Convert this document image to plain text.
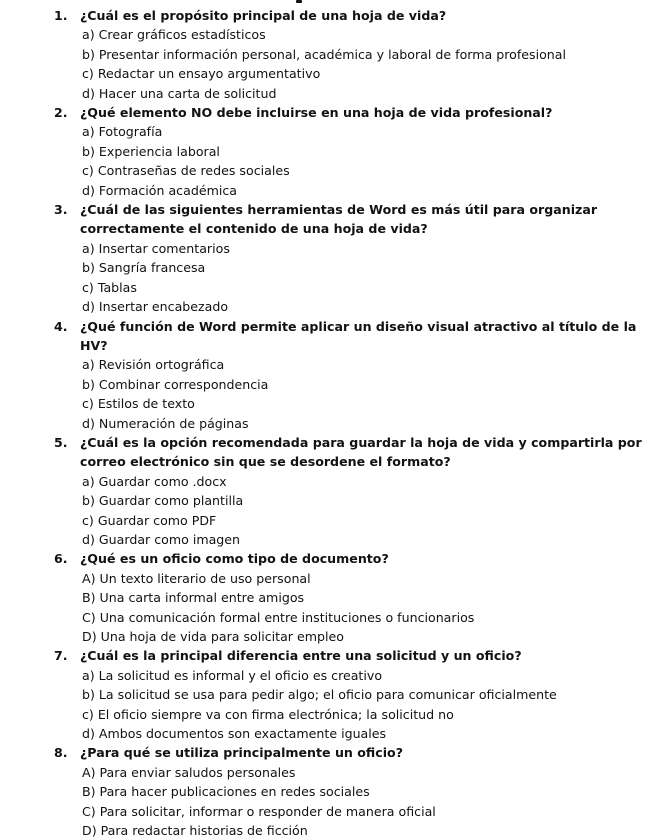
1. ¿Cuál es el propósito principal de una hoja de vida?
a) Crear gráficos estadísticos
b) Presentar información personal, académica y laboral de forma profesional
c) Redactar un ensayo argumentativo
d) Hacer una carta de solicitud
2. ¿Qué elemento NO debe incluirse en una hoja de vida profesional?
a) Fotografía
b) Experiencia laboral
c) Contraseñas de redes sociales
d) Formación académica
3. ¿Cuál de las siguientes herramientas de Word es más útil para organizar correctamente el contenido de una hoja de vida?
a) Insertar comentarios
b) Sangría francesa
c) Tablas
d) Insertar encabezado
4. ¿Qué función de Word permite aplicar un diseño visual atractivo al título de la HV?
a) Revisión ortográfica
b) Combinar correspondencia
c) Estilos de texto
d) Numeración de páginas
5. ¿Cuál es la opción recomendada para guardar la hoja de vida y compartirla por correo electrónico sin que se desordene el formato?
a) Guardar como .docx
b) Guardar como plantilla
c) Guardar como PDF
d) Guardar como imagen
6. ¿Qué es un oficio como tipo de documento?
A) Un texto literario de uso personal
B) Una carta informal entre amigos
C) Una comunicación formal entre instituciones o funcionarios
D) Una hoja de vida para solicitar empleo
7. ¿Cuál es la principal diferencia entre una solicitud y un oficio?
a) La solicitud es informal y el oficio es creativo
b) La solicitud se usa para pedir algo; el oficio para comunicar oficialmente
c) El oficio siempre va con firma electrónica; la solicitud no
d) Ambos documentos son exactamente iguales
8. ¿Para qué se utiliza principalmente un oficio?
A) Para enviar saludos personales
B) Para hacer publicaciones en redes sociales
C) Para solicitar, informar o responder de manera oficial
D) Para redactar historias de ficción
